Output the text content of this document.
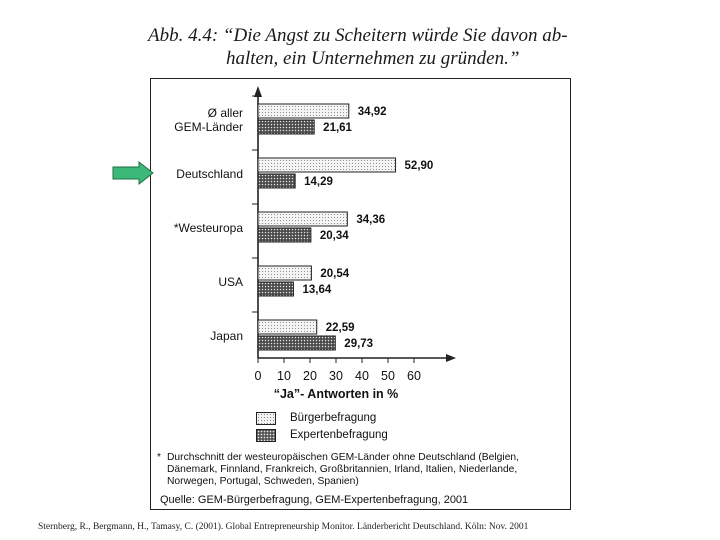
Abb. 4.4: “Die Angst zu Scheitern würde Sie davon ab-
halten, ein Unternehmen zu gründen.”
0 10 20 30 40 50 60
“Ja”- Antworten in %
Ø aller GEM-Länder
34,92
21,61
Deutschland
52,90
14,29
*Westeuropa
34,36
20,34
USA
20,54
13,64
Japan
22,59
29,73
Bürgerbefragung
Expertenbefragung
* Durchschnitt der westeuropäischen GEM-Länder ohne Deutschland (Belgien, Dänemark, Finnland, Frankreich, Großbritannien, Irland, Italien, Niederlande, Norwegen, Portugal, Schweden, Spanien)
Quelle: GEM-Bürgerbefragung, GEM-Expertenbefragung, 2001
Sternberg, R., Bergmann, H., Tamasy, C. (2001). Global Entrepreneurship Monitor. Länderbericht Deutschland. Köln: Nov. 2001
